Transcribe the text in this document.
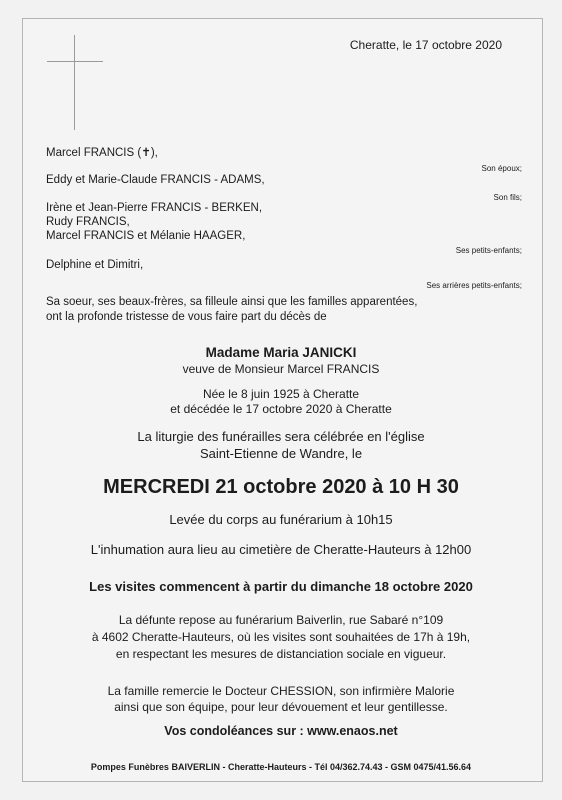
Cheratte, le 17 octobre 2020
Marcel FRANCIS (✝),
Son époux;
Eddy et Marie-Claude FRANCIS - ADAMS,
Son fils;
Irène et Jean-Pierre FRANCIS - BERKEN,
Rudy FRANCIS,
Marcel FRANCIS et Mélanie HAAGER,
Ses petits-enfants;
Delphine et Dimitri,
Ses arrières petits-enfants;
Sa soeur, ses beaux-frères, sa filleule ainsi que les familles apparentées,
ont la profonde tristesse de vous faire part du décès de
Madame Maria JANICKI
veuve de Monsieur Marcel FRANCIS
Née le 8 juin 1925 à Cheratte
et décédée le 17 octobre 2020 à Cheratte
La liturgie des funérailles sera célébrée en l'église
Saint-Etienne de Wandre, le
MERCREDI 21 octobre 2020 à 10 H 30
Levée du corps au funérarium à 10h15
L'inhumation aura lieu au cimetière de Cheratte-Hauteurs à 12h00
Les visites commencent à partir du dimanche 18 octobre 2020
La défunte repose au funérarium Baiverlin, rue Sabaré n°109
à 4602 Cheratte-Hauteurs, où les visites sont souhaitées de 17h à 19h,
en respectant les mesures de distanciation sociale en vigueur.
La famille remercie le Docteur CHESSION, son infirmière Malorie
ainsi que son équipe, pour leur dévouement et leur gentillesse.
Vos condoléances sur : www.enaos.net
Pompes Funèbres BAIVERLIN - Cheratte-Hauteurs - Tél 04/362.74.43 - GSM 0475/41.56.64
